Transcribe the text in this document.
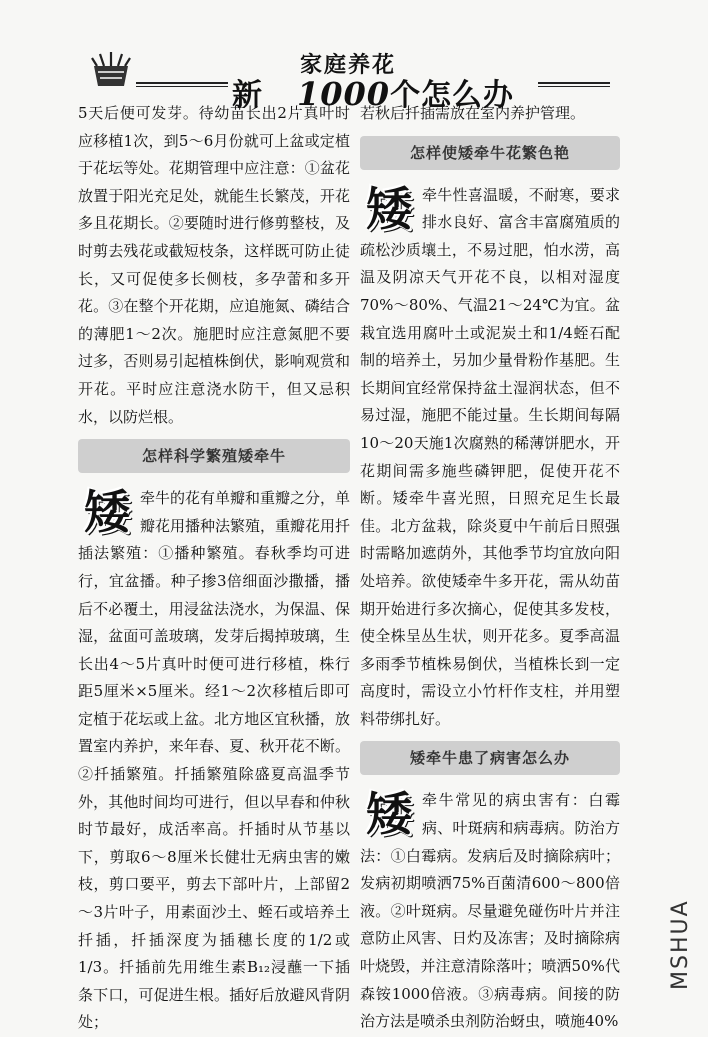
家庭养花
新 1000个怎么办

5天后便可发芽。待幼苗长出2片真叶时应移植1次，到5～6月份就可上盆或定植于花坛等处。花期管理中应注意：①盆花放置于阳光充足处，就能生长繁茂，开花多且花期长。②要随时进行修剪整枝，及时剪去残花或截短枝条，这样既可防止徒长，又可促使多长侧枝，多孕蕾和多开花。③在整个开花期，应追施氮、磷结合的薄肥1～2次。施肥时应注意氮肥不要过多，否则易引起植株倒伏，影响观赏和开花。平时应注意浇水防干，但又忌积水，以防烂根。

怎样科学繁殖矮牵牛

矮牵牛的花有单瓣和重瓣之分，单瓣花用播种法繁殖，重瓣花用扦插法繁殖：①播种繁殖。春秋季均可进行，宜盆播。种子掺3倍细面沙撒播，播后不必覆土，用浸盆法浇水，为保温、保湿，盆面可盖玻璃，发芽后揭掉玻璃，生长出4～5片真叶时便可进行移植，株行距5厘米×5厘米。经1～2次移植后即可定植于花坛或上盆。北方地区宜秋播，放置室内养护，来年春、夏、秋开花不断。②扦插繁殖。扦插繁殖除盛夏高温季节外，其他时间均可进行，但以早春和仲秋时节最好，成活率高。扦插时从节基以下，剪取6～8厘米长健壮无病虫害的嫩枝，剪口要平，剪去下部叶片，上部留2～3片叶子，用素面沙土、蛭石或培养土扦插，扦插深度为插穗长度的1/2或1/3。扦插前先用维生素B₁₂浸蘸一下插条下口，可促进生根。插好后放避风背阴处；

若秋后扦插需放在室内养护管理。

怎样使矮牵牛花繁色艳

矮牵牛性喜温暖，不耐寒，要求排水良好、富含丰富腐殖质的疏松沙质壤土，不易过肥，怕水涝，高温及阴凉天气开花不良，以相对湿度70%～80%、气温21～24℃为宜。盆栽宜选用腐叶土或泥炭土和1/4蛭石配制的培养土，另加少量骨粉作基肥。生长期间宜经常保持盆土湿润状态，但不易过湿，施肥不能过量。生长期间每隔10～20天施1次腐熟的稀薄饼肥水，开花期间需多施些磷钾肥，促使开花不断。矮牵牛喜光照，日照充足生长最佳。北方盆栽，除炎夏中午前后日照强时需略加遮荫外，其他季节均宜放向阳处培养。欲使矮牵牛多开花，需从幼苗期开始进行多次摘心，促使其多发枝，使全株呈丛生状，则开花多。夏季高温多雨季节植株易倒伏，当植株长到一定高度时，需设立小竹杆作支柱，并用塑料带绑扎好。

矮牵牛患了病害怎么办

矮牵牛常见的病虫害有：白霉病、叶斑病和病毒病。防治方法：①白霉病。发病后及时摘除病叶；发病初期喷洒75%百菌清600～800倍液。②叶斑病。尽量避免碰伤叶片并注意防止风害、日灼及冻害；及时摘除病叶烧毁，并注意清除落叶；喷洒50%代森铵1000倍液。③病毒病。间接的防治方法是喷杀虫剂防治蚜虫，喷施40%

MSHUA
